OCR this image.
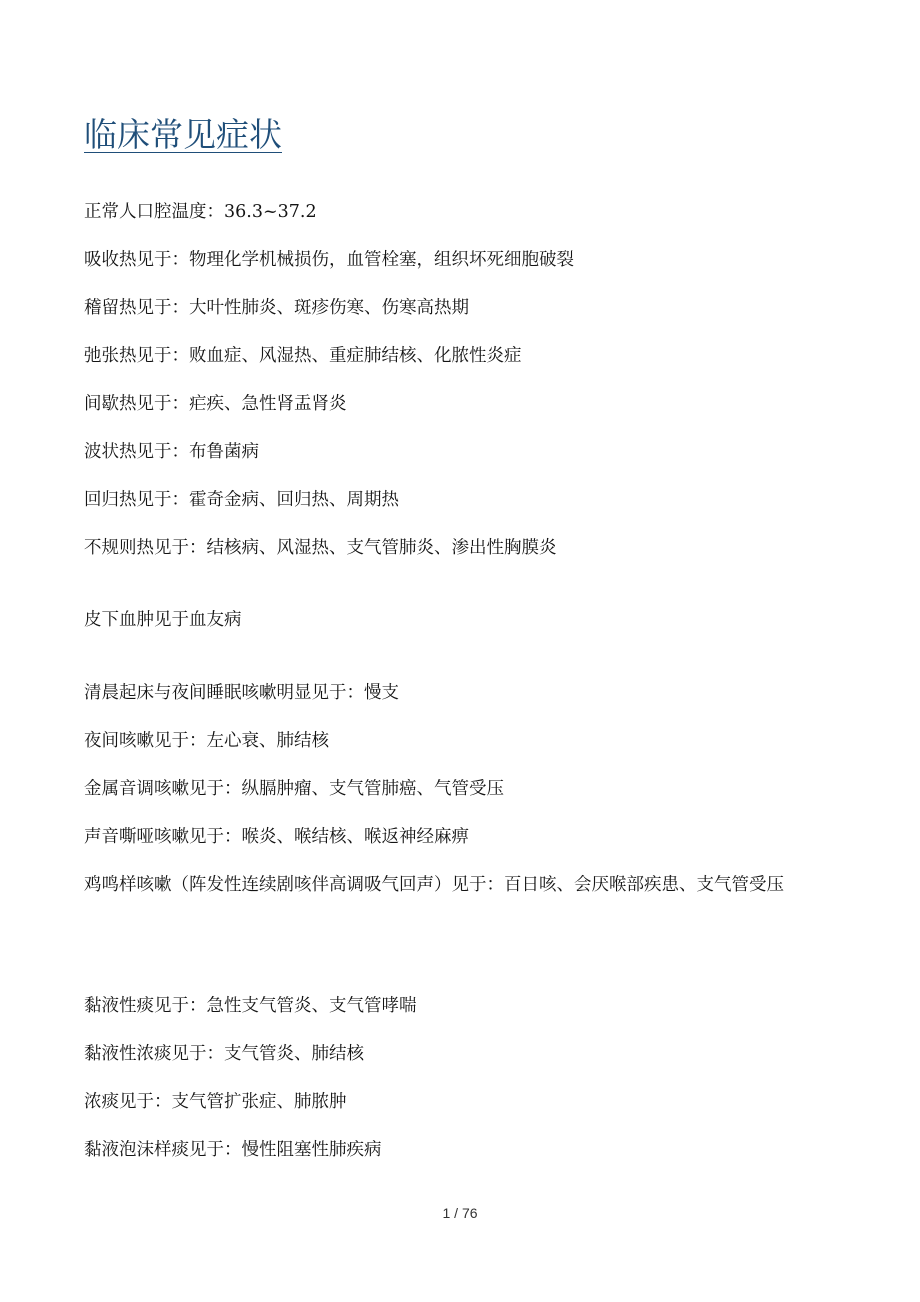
临床常见症状
正常人口腔温度：36.3~37.2
吸收热见于：物理化学机械损伤，血管栓塞，组织坏死细胞破裂
稽留热见于：大叶性肺炎、斑疹伤寒、伤寒高热期
弛张热见于：败血症、风湿热、重症肺结核、化脓性炎症
间歇热见于：疟疾、急性肾盂肾炎
波状热见于：布鲁菌病
回归热见于：霍奇金病、回归热、周期热
不规则热见于：结核病、风湿热、支气管肺炎、渗出性胸膜炎
皮下血肿见于血友病
清晨起床与夜间睡眠咳嗽明显见于：慢支
夜间咳嗽见于：左心衰、肺结核
金属音调咳嗽见于：纵膈肿瘤、支气管肺癌、气管受压
声音嘶哑咳嗽见于：喉炎、喉结核、喉返神经麻痹
鸡鸣样咳嗽（阵发性连续剧咳伴高调吸气回声）见于：百日咳、会厌喉部疾患、支气管受压
黏液性痰见于：急性支气管炎、支气管哮喘
黏液性浓痰见于：支气管炎、肺结核
浓痰见于：支气管扩张症、肺脓肿
黏液泡沫样痰见于：慢性阻塞性肺疾病
1 / 76
